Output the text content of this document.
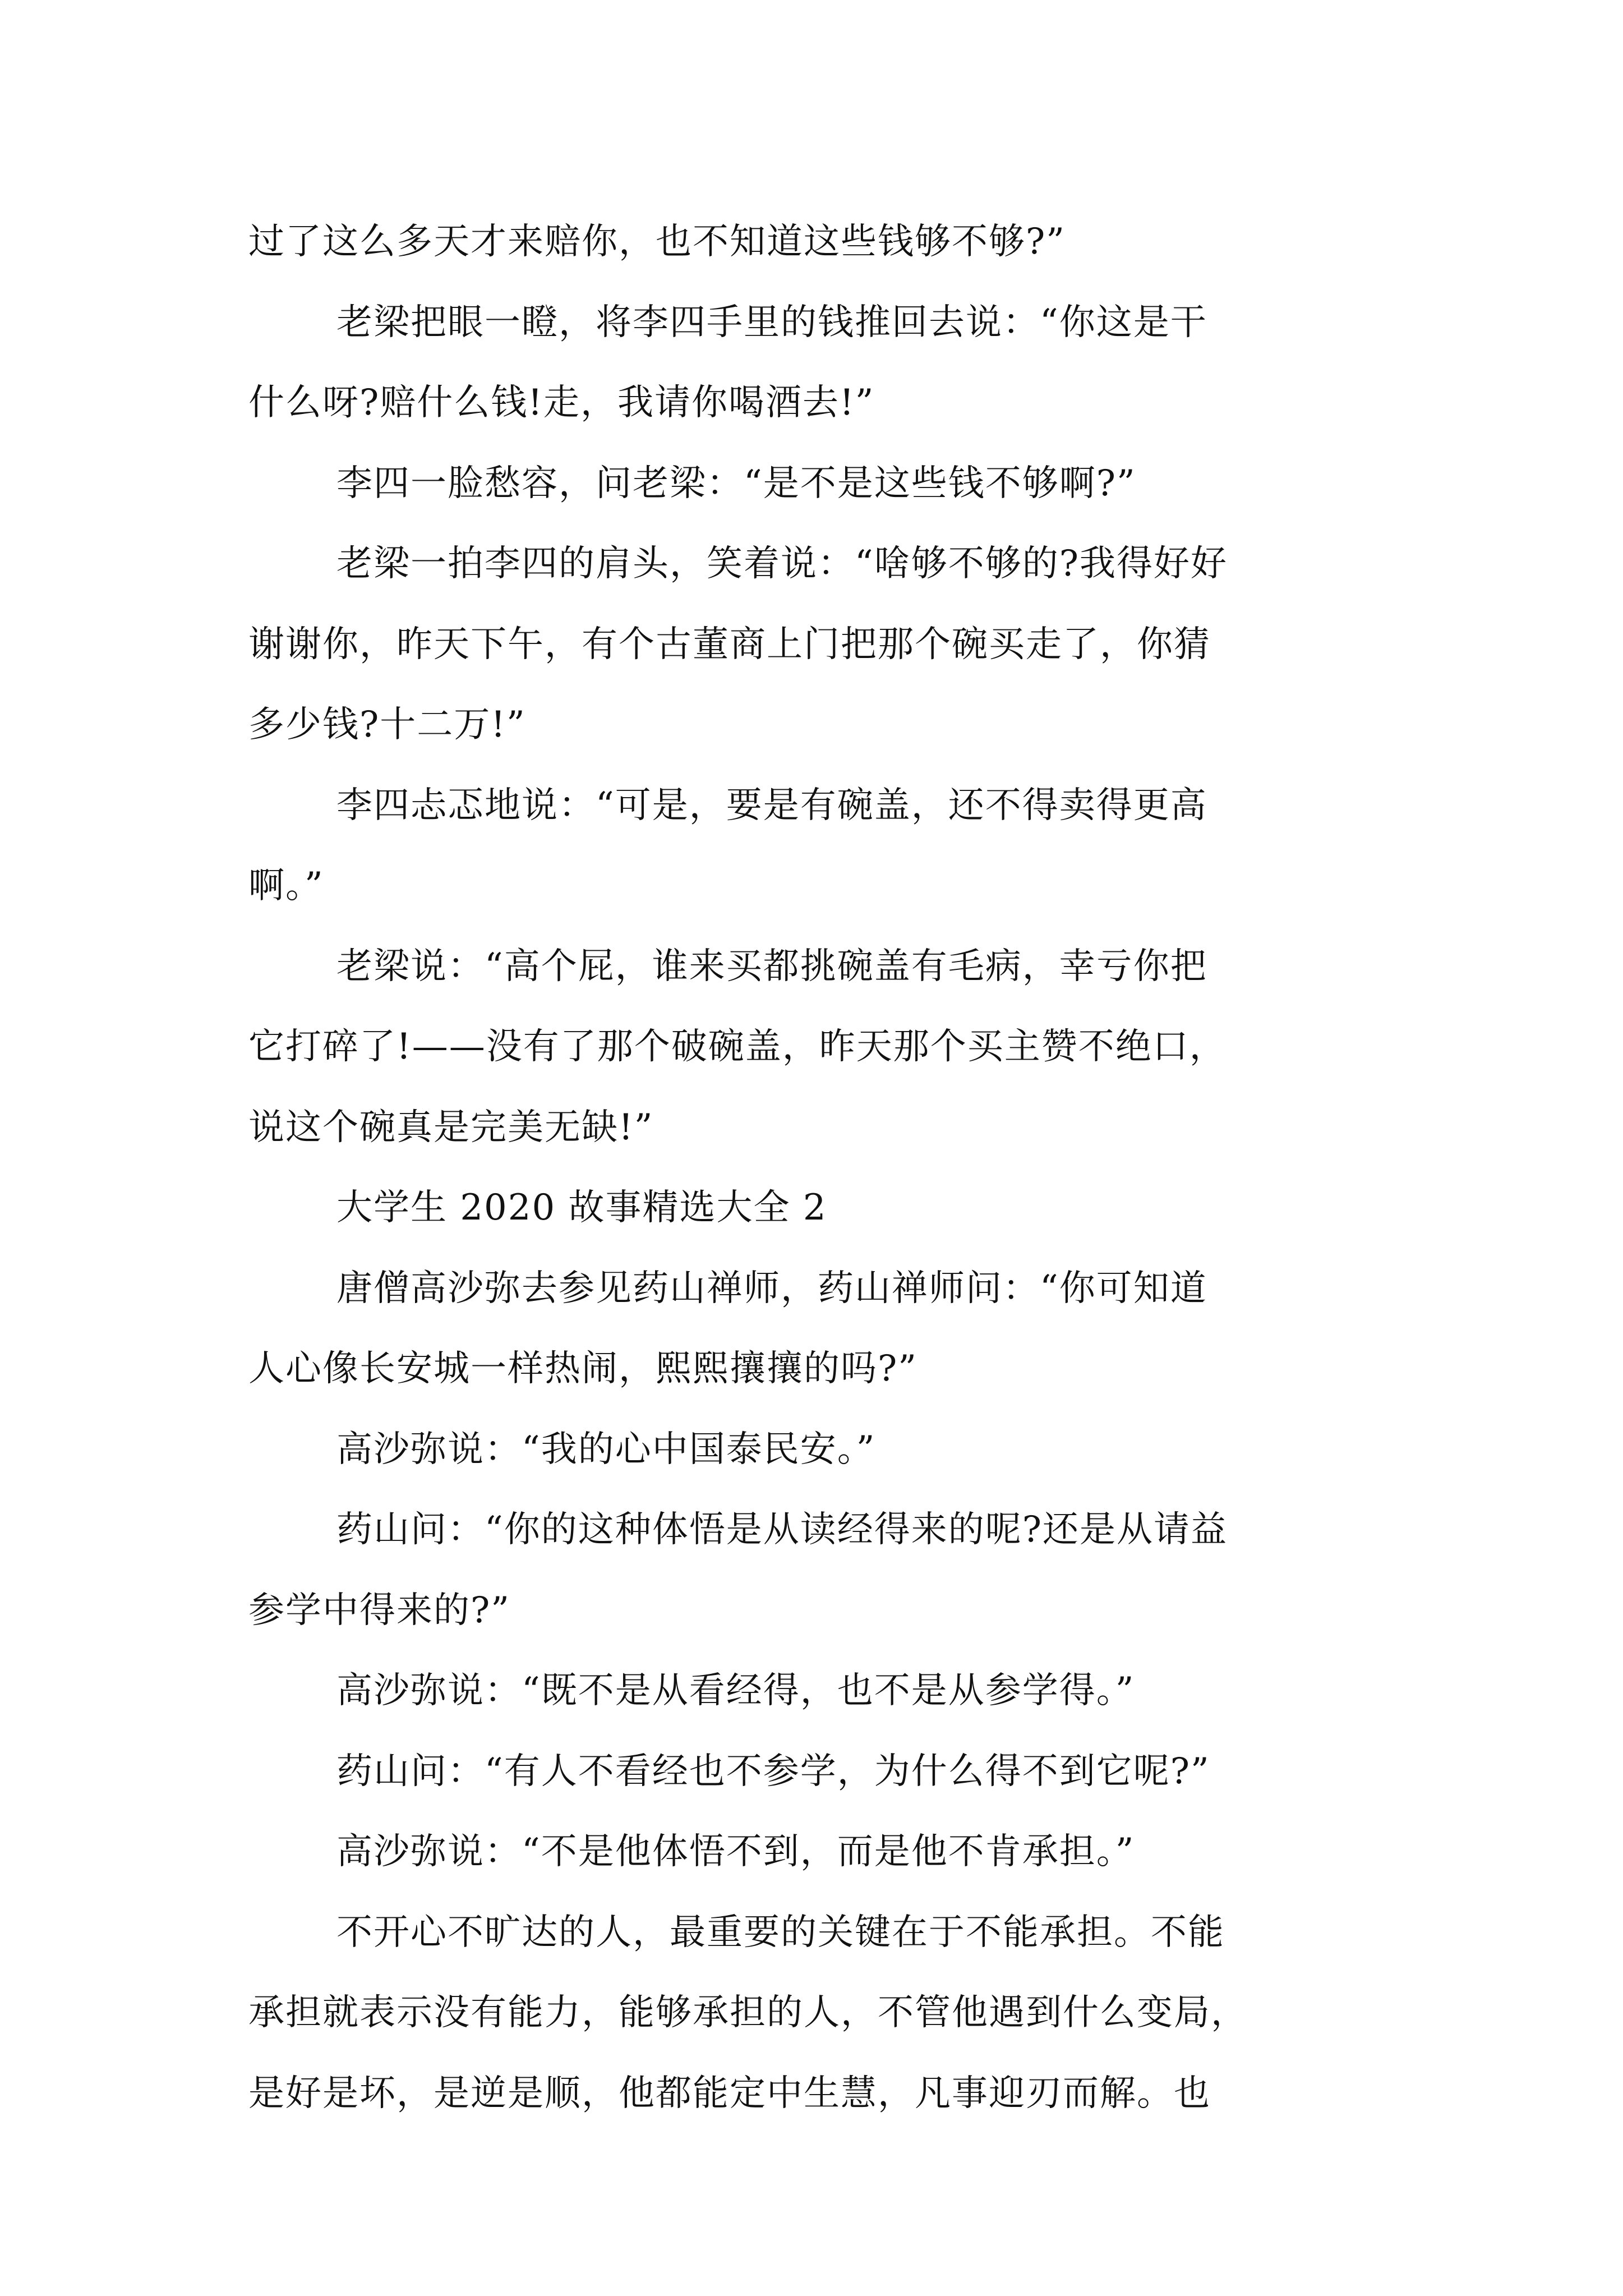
过了这么多天才来赔你，也不知道这些钱够不够?”
老梁把眼一瞪，将李四手里的钱推回去说：“你这是干
什么呀?赔什么钱!走，我请你喝酒去!”
李四一脸愁容，问老梁：“是不是这些钱不够啊?”
老梁一拍李四的肩头，笑着说：“啥够不够的?我得好好
谢谢你，昨天下午，有个古董商上门把那个碗买走了，你猜
多少钱?十二万!”
李四忐忑地说：“可是，要是有碗盖，还不得卖得更高
啊。”
老梁说：“高个屁，谁来买都挑碗盖有毛病，幸亏你把
它打碎了!——没有了那个破碗盖，昨天那个买主赞不绝口，
说这个碗真是完美无缺!”
大学生 2020 故事精选大全 2
唐僧高沙弥去参见药山禅师，药山禅师问：“你可知道
人心像长安城一样热闹，熙熙攘攘的吗?”
高沙弥说：“我的心中国泰民安。”
药山问：“你的这种体悟是从读经得来的呢?还是从请益
参学中得来的?”
高沙弥说：“既不是从看经得，也不是从参学得。”
药山问：“有人不看经也不参学，为什么得不到它呢?”
高沙弥说：“不是他体悟不到，而是他不肯承担。”
不开心不旷达的人，最重要的关键在于不能承担。不能
承担就表示没有能力，能够承担的人，不管他遇到什么变局，
是好是坏，是逆是顺，他都能定中生慧，凡事迎刃而解。也
